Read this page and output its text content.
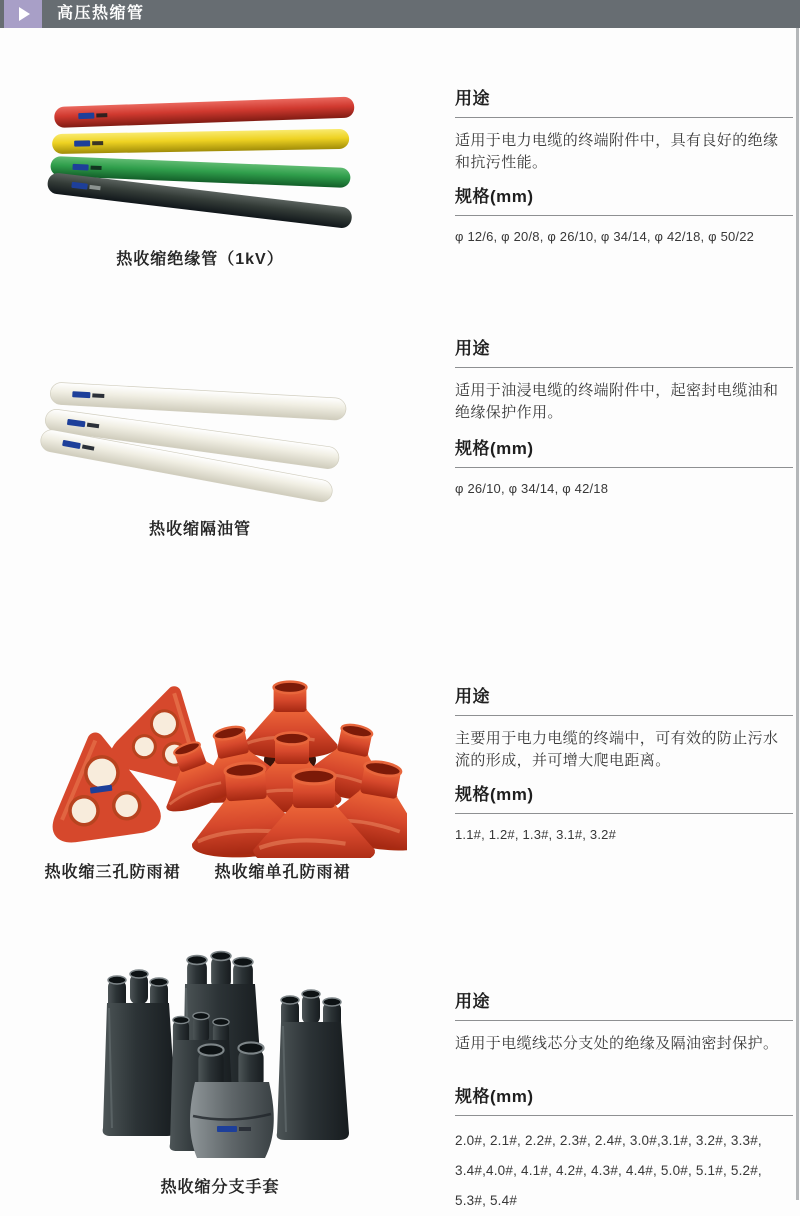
高压热缩管
热收缩绝缘管（1kV）
用途

适用于电力电缆的终端附件中，具有良好的绝缘和抗污性能。

规格(mm)

φ 12/6, φ 20/8, φ 26/10, φ 34/14, φ 42/18, φ 50/22

热收缩隔油管
用途

适用于油浸电缆的终端附件中，起密封电缆油和绝缘保护作用。

规格(mm)

φ 26/10, φ 34/14, φ 42/18

热收缩三孔防雨裙	热收缩单孔防雨裙
用途

主要用于电力电缆的终端中，可有效的防止污水流的形成，并可增大爬电距离。

规格(mm)

1.1#, 1.2#, 1.3#, 3.1#, 3.2#

热收缩分支手套
用途

适用于电缆线芯分支处的绝缘及隔油密封保护。

规格(mm)

2.0#, 2.1#, 2.2#, 2.3#, 2.4#, 3.0#,3.1#, 3.2#, 3.3#, 3.4#,4.0#, 4.1#, 4.2#, 4.3#, 4.4#, 5.0#, 5.1#, 5.2#, 5.3#, 5.4#
